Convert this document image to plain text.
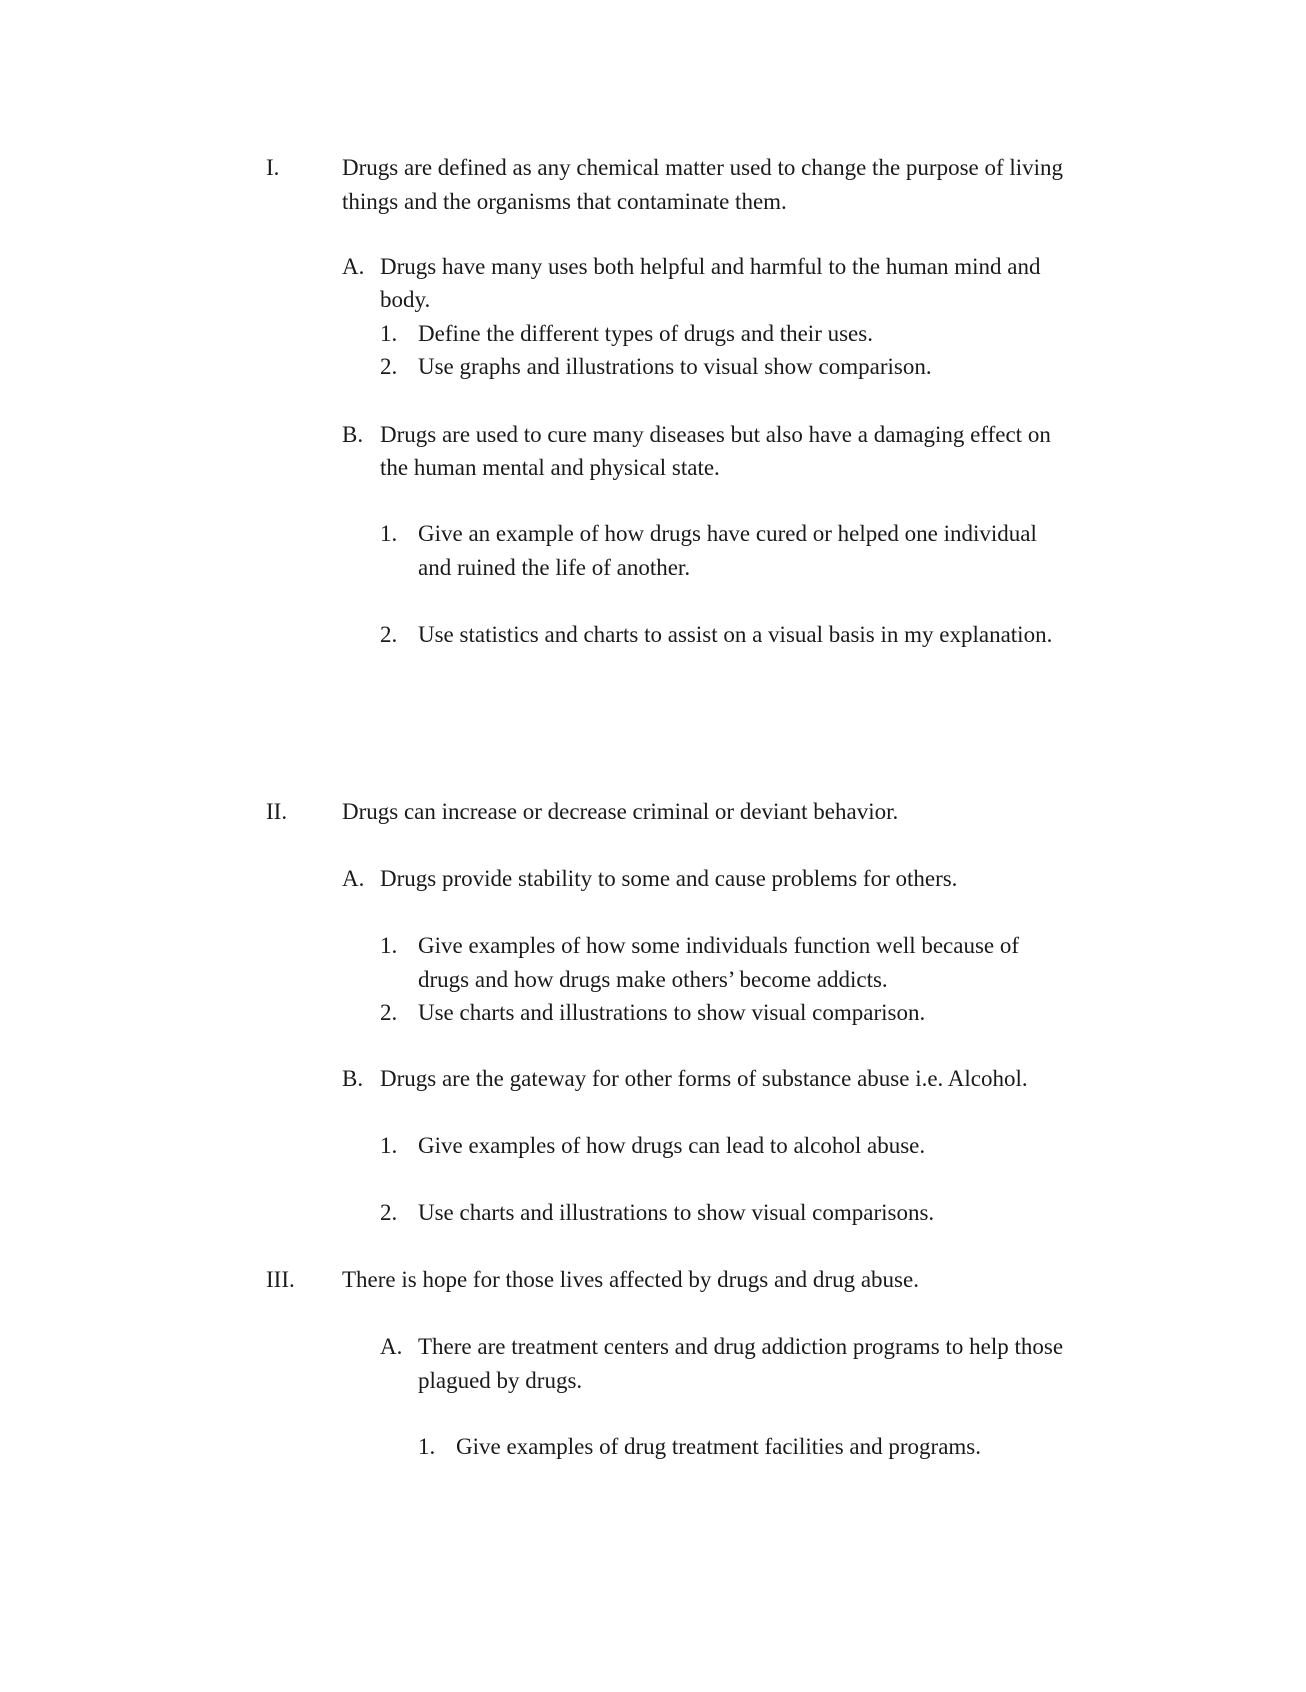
I.	Drugs are defined as any chemical matter used to change the purpose of living
things and the organisms that contaminate them.
A. Drugs have many uses both helpful and harmful to the human mind and
body.
1. Define the different types of drugs and their uses.
2. Use graphs and illustrations to visual show comparison.
B. Drugs are used to cure many diseases but also have a damaging effect on
the human mental and physical state.
1. Give an example of how drugs have cured or helped one individual
and ruined the life of another.
2. Use statistics and charts to assist on a visual basis in my explanation.
II. Drugs can increase or decrease criminal or deviant behavior.
A. Drugs provide stability to some and cause problems for others.
1. Give examples of how some individuals function well because of
drugs and how drugs make others’ become addicts.
2. Use charts and illustrations to show visual comparison.
B. Drugs are the gateway for other forms of substance abuse i.e. Alcohol.
1. Give examples of how drugs can lead to alcohol abuse.
2. Use charts and illustrations to show visual comparisons.
III. There is hope for those lives affected by drugs and drug abuse.
A. There are treatment centers and drug addiction programs to help those
plagued by drugs.
1. Give examples of drug treatment facilities and programs.
